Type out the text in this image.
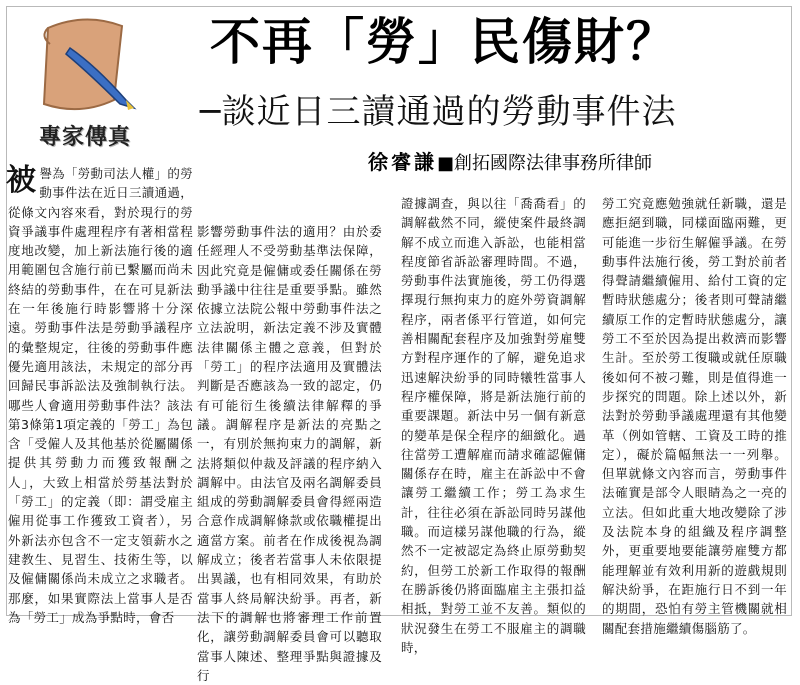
專家傳真
不再「勞」民傷財？
─談近日三讀通過的勞動事件法
徐睿謙■創拓國際法律事務所律師

被譽為「勞動司法人權」的勞動事件法在近日三讀通過，從條文內容來看，對於現行的勞資爭議事件處理程序有著相當程度地改變，加上新法施行後的適用範圍包含施行前已繫屬而尚未終結的勞動事件，在在可見新法在一年後施行時影響將十分深遠。勞動事件法是勞動爭議程序的彙整規定，往後的勞動事件應優先適用該法，未規定的部分再回歸民事訴訟法及強制執行法。哪些人會適用勞動事件法？該法第3條第1項定義的「勞工」為包含「受僱人及其他基於從屬關係提供其勞動力而獲致報酬之人」，大致上相當於勞基法對於「勞工」的定義（即：謂受雇主僱用從事工作獲致工資者），另外新法亦包含不一定支領薪水之建教生、見習生、技術生等，以及僱傭關係尚未成立之求職者。那麼，如果實際法上當事人是否為「勞工」成為爭點時，會否

影響勞動事件法的適用？由於委任經理人不受勞動基準法保障，因此究竟是僱傭或委任關係在勞動爭議中往往是重要爭點。雖然依據立法院公報中勞動事件法之立法說明，新法定義不涉及實體法律關係主體之意義，但對於「勞工」的程序法適用及實體法判斷是否應該為一致的認定，仍有可能衍生後續法律解釋的爭議。調解程序是新法的亮點之一，有別於無拘束力的調解，新法將類似仲裁及評議的程序納入調解中。由法官及兩名調解委員組成的勞動調解委員會得經兩造合意作成調解條款或依職權提出適當方案。前者在作成後視為調解成立；後者若當事人未依限提出異議，也有相同效果，有助於當事人終局解決紛爭。再者，新法下的調解也將審理工作前置化，讓勞動調解委員會可以聽取當事人陳述、整理爭點與證據及行

證據調查，與以往「喬喬看」的調解截然不同，縱使案件最終調解不成立而進入訴訟，也能相當程度節省訴訟審理時間。不過，勞動事件法實施後，勞工仍得選擇現行無拘束力的庭外勞資調解程序，兩者係平行管道，如何完善相關配套程序及加強對勞雇雙方對程序運作的了解，避免追求迅速解決紛爭的同時犧牲當事人程序權保障，將是新法施行前的重要課題。新法中另一個有新意的變革是保全程序的細緻化。過往當勞工遭解雇而請求確認僱傭關係存在時，雇主在訴訟中不會讓勞工繼續工作；勞工為求生計，往往必須在訴訟同時另謀他職。而這樣另謀他職的行為，縱然不一定被認定為終止原勞動契約，但勞工於新工作取得的報酬在勝訴後仍將面臨雇主主張扣益相抵，對勞工並不友善。類似的狀況發生在勞工不服雇主的調職時，

勞工究竟應勉強就任新職，還是應拒絕到職，同樣面臨兩難，更可能進一步衍生解僱爭議。在勞動事件法施行後，勞工對於前者得聲請繼續僱用、給付工資的定暫時狀態處分；後者則可聲請繼續原工作的定暫時狀態處分，讓勞工不至於因為提出救濟而影響生計。至於勞工復職或就任原職後如何不被刁難，則是值得進一步探究的問題。除上述以外，新法對於勞動爭議處理還有其他變革（例如管轄、工資及工時的推定），礙於篇幅無法一一列舉。但單就條文內容而言，勞動事件法確實是部令人眼睛為之一亮的立法。但如此重大地改變除了涉及法院本身的組織及程序調整外，更重要地要能讓勞雇雙方都能理解並有效利用新的遊戲規則解決紛爭，在距施行日不到一年的期間，恐怕有勞主管機關就相關配套措施繼續傷腦筋了。
